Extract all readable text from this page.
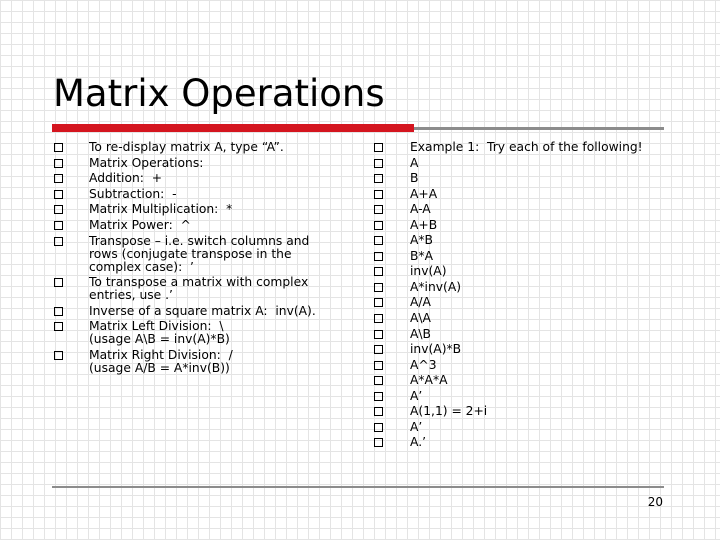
Matrix Operations
To re-display matrix A, type “A”.
Matrix Operations:
Addition:  +
Subtraction:  -
Matrix Multiplication:  *
Matrix Power:  ^
Transpose – i.e. switch columns and
rows (conjugate transpose in the
complex case):  ’
To transpose a matrix with complex
entries, use .’
Inverse of a square matrix A:  inv(A).
Matrix Left Division:  \
(usage A\B = inv(A)*B)
Matrix Right Division:  /
(usage A/B = A*inv(B))
Example 1:  Try each of the following!
A
B
A+A
A-A
A+B
A*B
B*A
inv(A)
A*inv(A)
A/A
A\A
A\B
inv(A)*B
A^3
A*A*A
A’
A(1,1) = 2+i
A’
A.’
20
